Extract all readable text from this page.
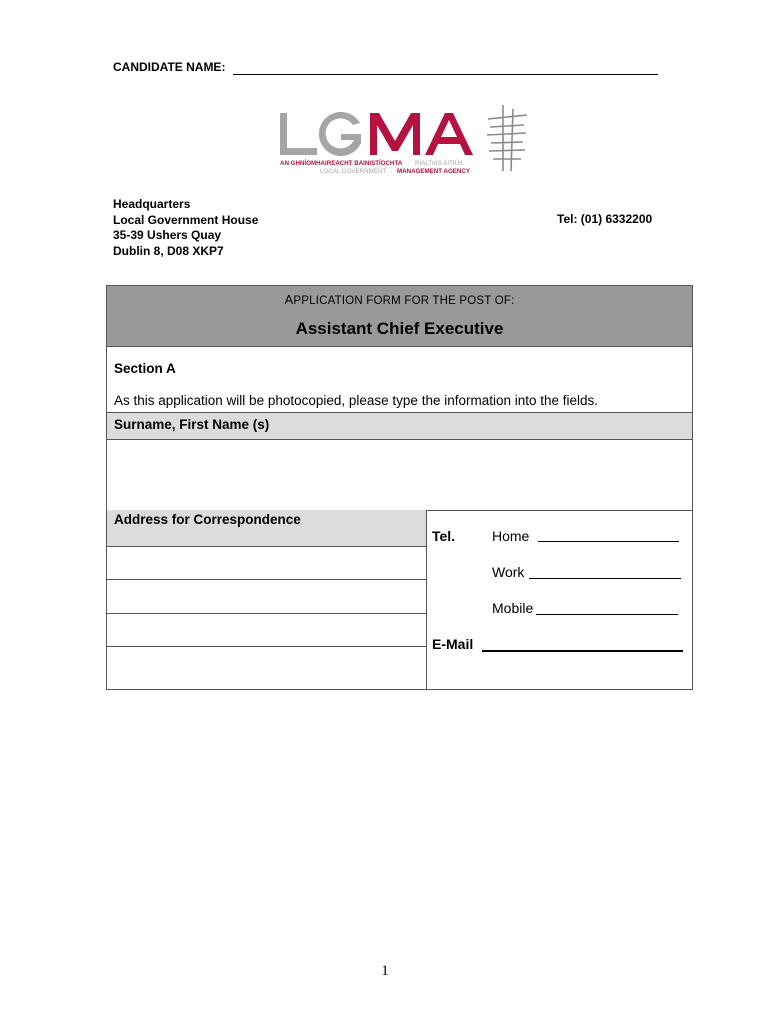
CANDIDATE NAME:
AN GHNÍOMHAIREACHT BAINISTÍOCHTA RIALTAIS ÁITIÚIL
LOCAL GOVERNMENT MANAGEMENT AGENCY
Headquarters
Local Government House
35-39 Ushers Quay
Dublin 8, D08 XKP7
Tel: (01) 6332200
APPLICATION FORM FOR THE POST OF:
Assistant Chief Executive
Section A
As this application will be photocopied, please type the information into the fields.
Surname, First Name (s)
Address for Correspondence
Tel.	Home
Work
Mobile
E-Mail
1
